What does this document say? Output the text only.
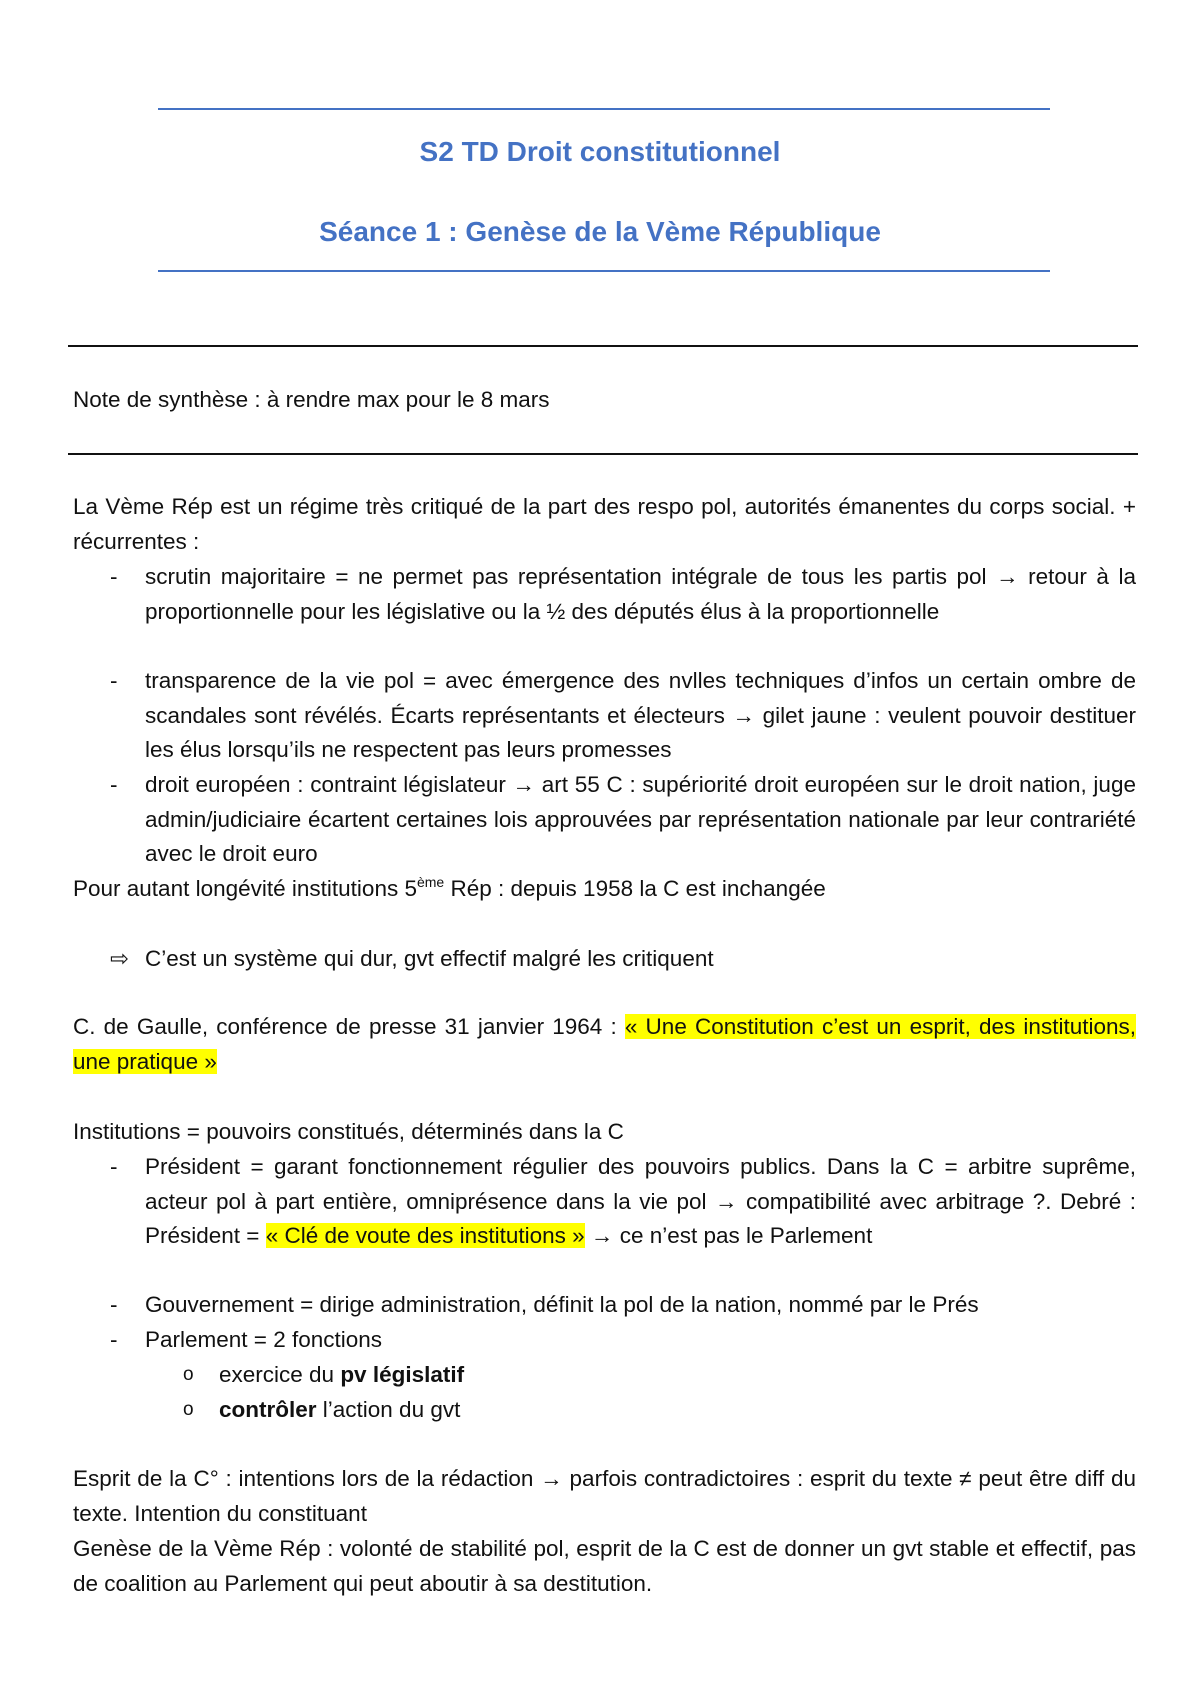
S2 TD Droit constitutionnel
Séance 1 : Genèse de la Vème République
Note de synthèse : à rendre max pour le 8 mars
La Vème Rép est un régime très critiqué de la part des respo pol, autorités émanentes du corps social. + récurrentes :
- scrutin majoritaire = ne permet pas représentation intégrale de tous les partis pol → retour à la proportionnelle pour les législative ou la ½ des députés élus à la proportionnelle
- transparence de la vie pol = avec émergence des nvlles techniques d’infos un certain ombre de scandales sont révélés. Écarts représentants et électeurs → gilet jaune : veulent pouvoir destituer les élus lorsqu’ils ne respectent pas leurs promesses
- droit européen : contraint législateur → art 55 C : supériorité droit européen sur le droit nation, juge admin/judiciaire écartent certaines lois approuvées par représentation nationale par leur contrariété avec le droit euro
Pour autant longévité institutions 5ème Rép : depuis 1958 la C est inchangée
⇨ C’est un système qui dur, gvt effectif malgré les critiquent
C. de Gaulle, conférence de presse 31 janvier 1964 : « Une Constitution c’est un esprit, des institutions, une pratique »
Institutions = pouvoirs constitués, déterminés dans la C
- Président = garant fonctionnement régulier des pouvoirs publics. Dans la C = arbitre suprême, acteur pol à part entière, omniprésence dans la vie pol → compatibilité avec arbitrage ?. Debré : Président = « Clé de voute des institutions » → ce n’est pas le Parlement
- Gouvernement = dirige administration, définit la pol de la nation, nommé par le Prés
- Parlement = 2 fonctions
o exercice du pv législatif
o contrôler l’action du gvt
Esprit de la C° : intentions lors de la rédaction → parfois contradictoires : esprit du texte ≠ peut être diff du texte. Intention du constituant
Genèse de la Vème Rép : volonté de stabilité pol, esprit de la C est de donner un gvt stable et effectif, pas de coalition au Parlement qui peut aboutir à sa destitution.
